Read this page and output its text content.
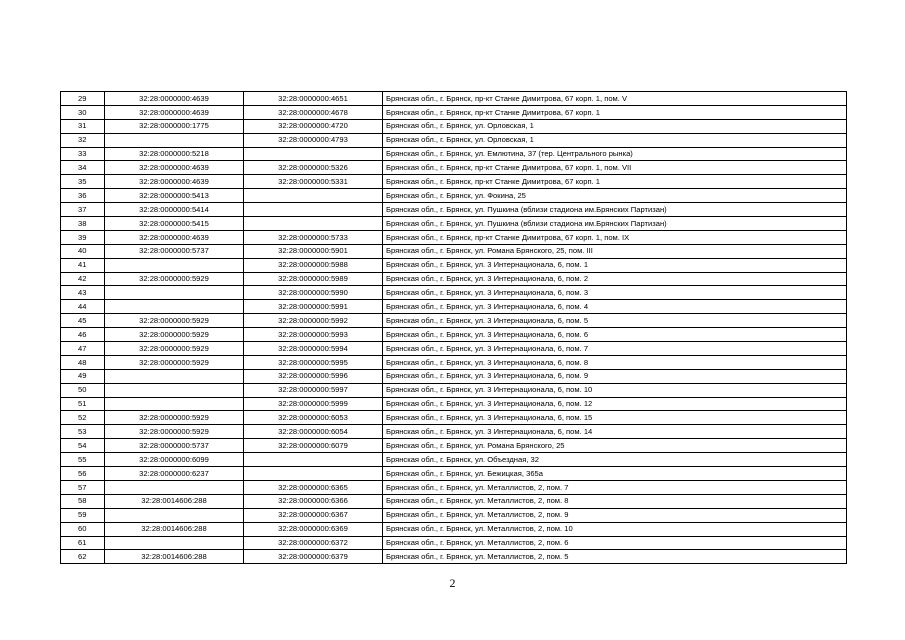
29	32:28:0000000:4639	32:28:0000000:4651	Брянская обл., г. Брянск, пр-кт Станке Димитрова, 67 корп. 1, пом. V
30	32:28:0000000:4639	32:28:0000000:4678	Брянская обл., г. Брянск, пр-кт Станке Димитрова, 67 корп. 1
31	32:28:0000000:1775	32:28:0000000:4720	Брянская обл., г. Брянск, ул. Орловская, 1
32		32:28:0000000:4793	Брянская обл., г. Брянск, ул. Орловская, 1
33	32:28:0000000:5218		Брянская обл., г. Брянск, ул. Емлютина, 37 (тер. Центрального рынка)
34	32:28:0000000:4639	32:28:0000000:5326	Брянская обл., г. Брянск, пр-кт Станке Димитрова, 67 корп. 1, пом. VII
35	32:28:0000000:4639	32:28:0000000:5331	Брянская обл., г. Брянск, пр-кт Станке Димитрова, 67 корп. 1
36	32:28:0000000:5413		Брянская обл., г. Брянск, ул. Фокина, 25
37	32:28:0000000:5414		Брянская обл., г. Брянск, ул. Пушкина (вблизи стадиона им.Брянских Партизан)
38	32:28:0000000:5415		Брянская обл., г. Брянск, ул. Пушкина (вблизи стадиона им.Брянских Партизан)
39	32:28:0000000:4639	32:28:0000000:5733	Брянская обл., г. Брянск, пр-кт Станке Димитрова, 67 корп. 1, пом. IX
40	32:28:0000000:5737	32:28:0000000:5901	Брянская обл., г. Брянск, ул. Романа Брянского, 25, пом. III
41		32:28:0000000:5988	Брянская обл., г. Брянск, ул. 3 Интернационала, 6, пом. 1
42	32:28:0000000:5929	32:28:0000000:5989	Брянская обл., г. Брянск, ул. 3 Интернационала, 6, пом. 2
43		32:28:0000000:5990	Брянская обл., г. Брянск, ул. 3 Интернационала, 6, пом. 3
44		32:28:0000000:5991	Брянская обл., г. Брянск, ул. 3 Интернационала, 6, пом. 4
45	32:28:0000000:5929	32:28:0000000:5992	Брянская обл., г. Брянск, ул. 3 Интернационала, 6, пом. 5
46	32:28:0000000:5929	32:28:0000000:5993	Брянская обл., г. Брянск, ул. 3 Интернационала, 6, пом. 6
47	32:28:0000000:5929	32:28:0000000:5994	Брянская обл., г. Брянск, ул. 3 Интернационала, 6, пом. 7
48	32:28:0000000:5929	32:28:0000000:5995	Брянская обл., г. Брянск, ул. 3 Интернационала, 6, пом. 8
49		32:28:0000000:5996	Брянская обл., г. Брянск, ул. 3 Интернационала, 6, пом. 9
50		32:28:0000000:5997	Брянская обл., г. Брянск, ул. 3 Интернационала, 6, пом. 10
51		32:28:0000000:5999	Брянская обл., г. Брянск, ул. 3 Интернационала, 6, пом. 12
52	32:28:0000000:5929	32:28:0000000:6053	Брянская обл., г. Брянск, ул. 3 Интернационала, 6, пом. 15
53	32:28:0000000:5929	32:28:0000000:6054	Брянская обл., г. Брянск, ул. 3 Интернационала, 6, пом. 14
54	32:28:0000000:5737	32:28:0000000:6079	Брянская обл., г. Брянск, ул. Романа Брянского, 25
55	32:28:0000000:6099		Брянская обл., г. Брянск, ул. Объездная, 32
56	32:28:0000000:6237		Брянская обл., г. Брянск, ул. Бежицкая, 365а
57		32:28:0000000:6365	Брянская обл., г. Брянск, ул. Металлистов, 2, пом. 7
58	32:28:0014606:288	32:28:0000000:6366	Брянская обл., г. Брянск, ул. Металлистов, 2, пом. 8
59		32:28:0000000:6367	Брянская обл., г. Брянск, ул. Металлистов, 2, пом. 9
60	32:28:0014606:288	32:28:0000000:6369	Брянская обл., г. Брянск, ул. Металлистов, 2, пом. 10
61		32:28:0000000:6372	Брянская обл., г. Брянск, ул. Металлистов, 2, пом. 6
62	32:28:0014606:288	32:28:0000000:6379	Брянская обл., г. Брянск, ул. Металлистов, 2, пом. 5
2
